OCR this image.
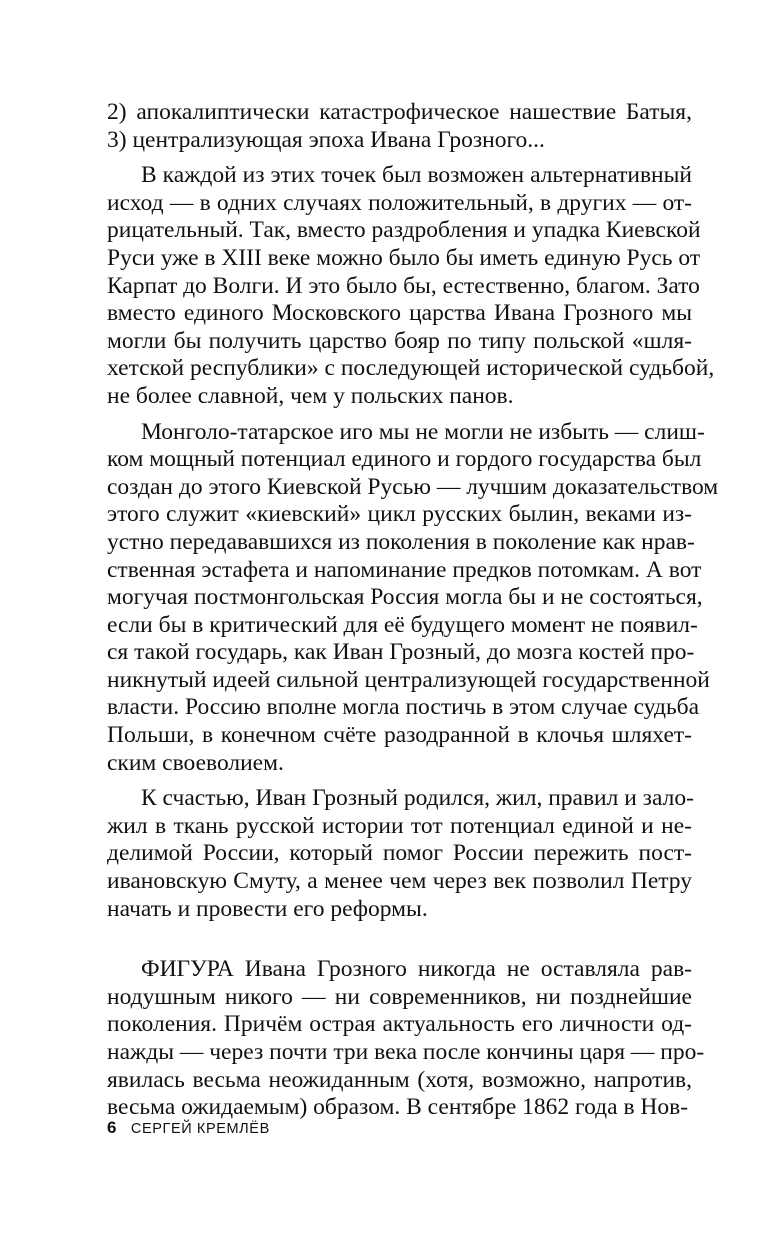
2) апокалиптически катастрофическое нашествие Батыя,
3) централизующая эпоха Ивана Грозного...
В каждой из этих точек был возможен альтернативный
исход — в одних случаях положительный, в других — от-
рицательный. Так, вместо раздробления и упадка Киевской
Руси уже в XIII веке можно было бы иметь единую Русь от
Карпат до Волги. И это было бы, естественно, благом. Зато
вместо единого Московского царства Ивана Грозного мы
могли бы получить царство бояр по типу польской «шля-
хетской республики» с последующей исторической судьбой,
не более славной, чем у польских панов.
Монголо-татарское иго мы не могли не избыть — слиш-
ком мощный потенциал единого и гордого государства был
создан до этого Киевской Русью — лучшим доказательством
этого служит «киевский» цикл русских былин, веками из-
устно передававшихся из поколения в поколение как нрав-
ственная эстафета и напоминание предков потомкам. А вот
могучая постмонгольская Россия могла бы и не состояться,
если бы в критический для её будущего момент не появил-
ся такой государь, как Иван Грозный, до мозга костей про-
никнутый идеей сильной централизующей государственной
власти. Россию вполне могла постичь в этом случае судьба
Польши, в конечном счёте разодранной в клочья шляхет-
ским своеволием.
К счастью, Иван Грозный родился, жил, правил и зало-
жил в ткань русской истории тот потенциал единой и не-
делимой России, который помог России пережить пост-
ивановскую Смуту, а менее чем через век позволил Петру
начать и провести его реформы.
ФИГУРА Ивана Грозного никогда не оставляла рав-
нодушным никого — ни современников, ни позднейшие
поколения. Причём острая актуальность его личности од-
нажды — через почти три века после кончины царя — про-
явилась весьма неожиданным (хотя, возможно, напротив,
весьма ожидаемым) образом. В сентябре 1862 года в Нов-
6 СЕРГЕЙ КРЕМЛЁВ
